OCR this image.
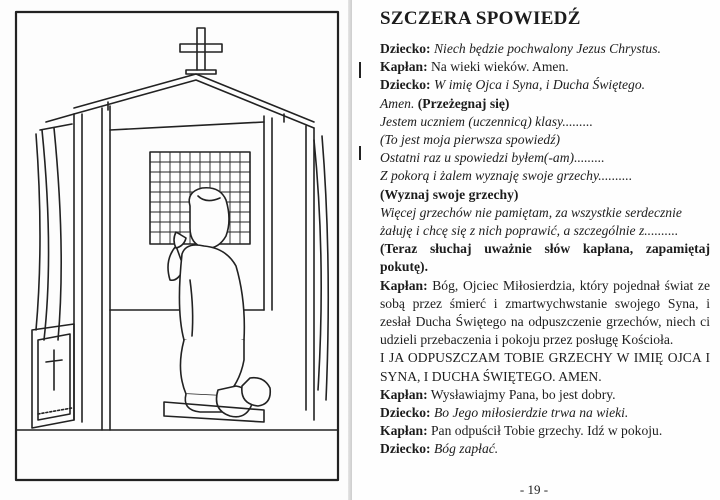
SZCZERA SPOWIEDŹ
Dziecko: Niech będzie pochwalony Jezus Chrystus.
Kapłan: Na wieki wieków. Amen.
Dziecko: W imię Ojca i Syna, i Ducha Świętego.
Amen. (Przeżegnaj się)
Jestem uczniem (uczennicą) klasy.........
(To jest moja pierwsza spowiedź)
Ostatni raz u spowiedzi byłem(-am).........
Z pokorą i żalem wyznaję swoje grzechy..........
(Wyznaj swoje grzechy)
Więcej grzechów nie pamiętam, za wszystkie serdecznie
żałuję i chcę się z nich poprawić, a szczególnie z..........
(Teraz słuchaj uważnie słów kapłana, zapamiętaj pokutę).
Kapłan: Bóg, Ojciec Miłosierdzia, który pojednał świat ze sobą przez śmierć i zmartwychwstanie swojego Syna, i zesłał Ducha Świętego na odpuszczenie grzechów, niech ci udzieli przebaczenia i pokoju przez posługę Kościoła.
I JA ODPUSZCZAM TOBIE GRZECHY W IMIĘ OJCA I SYNA, I DUCHA ŚWIĘTEGO. AMEN.
Kapłan: Wysławiajmy Pana, bo jest dobry.
Dziecko: Bo Jego miłosierdzie trwa na wieki.
Kapłan: Pan odpuścił Tobie grzechy. Idź w pokoju.
Dziecko: Bóg zapłać.
- 19 -
